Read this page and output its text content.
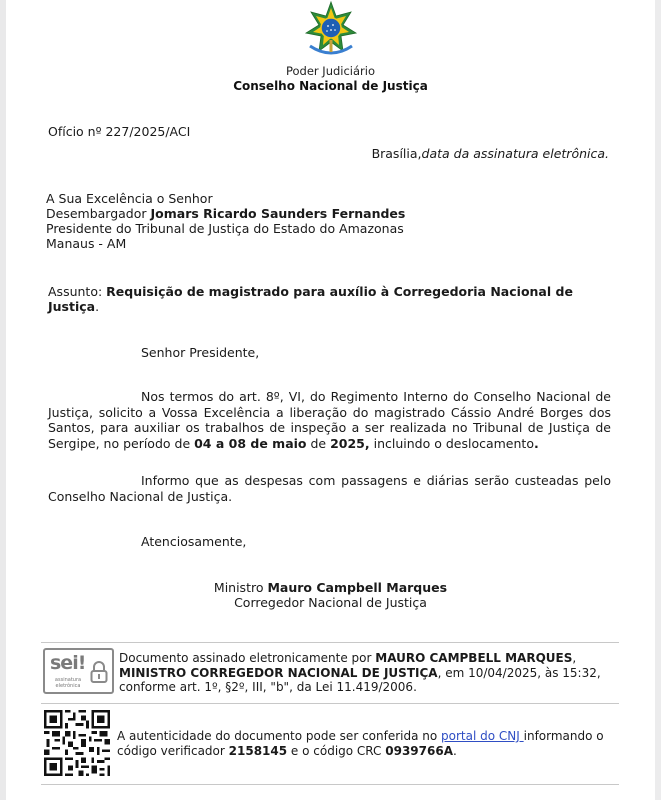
Poder Judiciário
Conselho Nacional de Justiça
Ofício nº 227/2025/ACI
Brasília,data da assinatura eletrônica.
A Sua Excelência o Senhor
Desembargador Jomars Ricardo Saunders Fernandes
Presidente do Tribunal de Justiça do Estado do Amazonas
Manaus - AM
Assunto: Requisição de magistrado para auxílio à Corregedoria Nacional de Justiça.
Senhor Presidente,
Nos termos do art. 8º, VI, do Regimento Interno do Conselho Nacional de Justiça, solicito a Vossa Excelência a liberação do magistrado Cássio André Borges dos Santos, para auxiliar os trabalhos de inspeção a ser realizada no Tribunal de Justiça de Sergipe, no período de 04 a 08 de maio de 2025, incluindo o deslocamento.
Informo que as despesas com passagens e diárias serão custeadas pelo Conselho Nacional de Justiça.
Atenciosamente,
Ministro Mauro Campbell Marques
Corregedor Nacional de Justiça
sei!
assinatura eletrônica
Documento assinado eletronicamente por MAURO CAMPBELL MARQUES,
MINISTRO CORREGEDOR NACIONAL DE JUSTIÇA, em 10/04/2025, às 15:32,
conforme art. 1º, §2º, III, "b", da Lei 11.419/2006.
A autenticidade do documento pode ser conferida no portal do CNJ informando o
código verificador 2158145 e o código CRC 0939766A.
